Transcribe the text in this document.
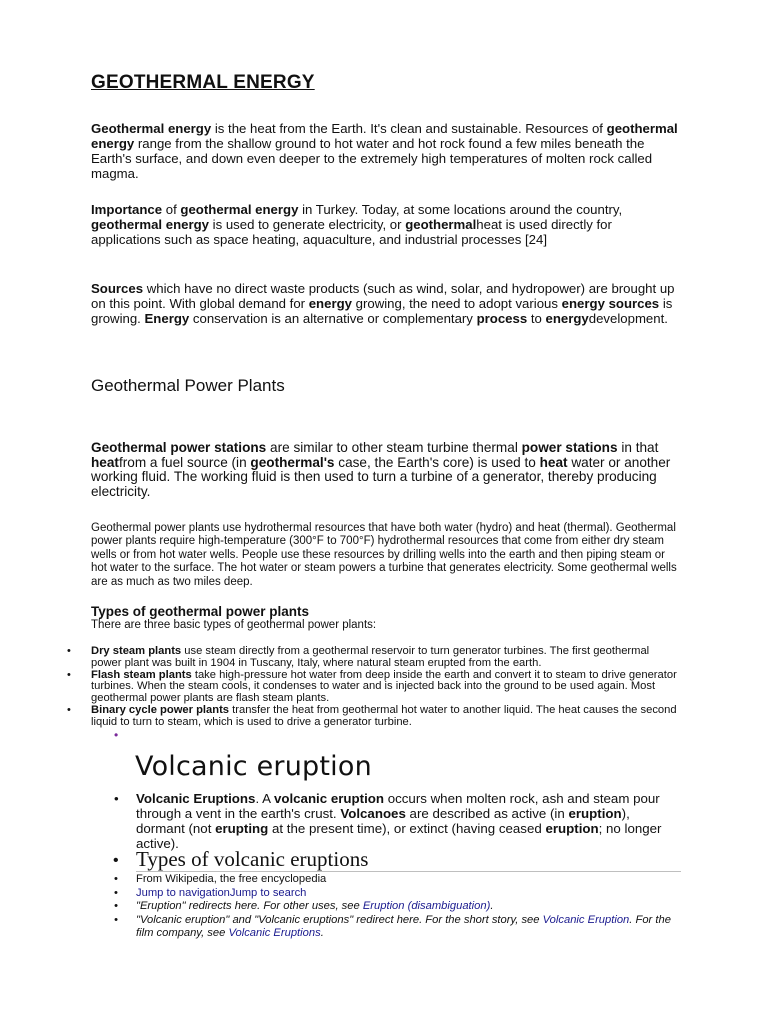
GEOTHERMAL ENERGY
Geothermal energy is the heat from the Earth. It's clean and sustainable. Resources of geothermal energy range from the shallow ground to hot water and hot rock found a few miles beneath the Earth's surface, and down even deeper to the extremely high temperatures of molten rock called magma.
Importance of geothermal energy in Turkey. Today, at some locations around the country, geothermal energy is used to generate electricity, or geothermalheat is used directly for applications such as space heating, aquaculture, and industrial processes [24]
Sources which have no direct waste products (such as wind, solar, and hydropower) are brought up on this point. With global demand for energy growing, the need to adopt various energy sources is growing. Energy conservation is an alternative or complementary process to energydevelopment.
Geothermal Power Plants
Geothermal power stations are similar to other steam turbine thermal power stations in that heatfrom a fuel source (in geothermal's case, the Earth's core) is used to heat water or another working fluid. The working fluid is then used to turn a turbine of a generator, thereby producing electricity.
Geothermal power plants use hydrothermal resources that have both water (hydro) and heat (thermal). Geothermal power plants require high-temperature (300°F to 700°F) hydrothermal resources that come from either dry steam wells or from hot water wells. People use these resources by drilling wells into the earth and then piping steam or hot water to the surface. The hot water or steam powers a turbine that generates electricity. Some geothermal wells are as much as two miles deep.
Types of geothermal power plants
There are three basic types of geothermal power plants:
• Dry steam plants use steam directly from a geothermal reservoir to turn generator turbines. The first geothermal power plant was built in 1904 in Tuscany, Italy, where natural steam erupted from the earth.
• Flash steam plants take high-pressure hot water from deep inside the earth and convert it to steam to drive generator turbines. When the steam cools, it condenses to water and is injected back into the ground to be used again. Most geothermal power plants are flash steam plants.
• Binary cycle power plants transfer the heat from geothermal hot water to another liquid. The heat causes the second liquid to turn to steam, which is used to drive a generator turbine.
•
Volcanic eruption
• Volcanic Eruptions. A volcanic eruption occurs when molten rock, ash and steam pour through a vent in the earth's crust. Volcanoes are described as active (in eruption), dormant (not erupting at the present time), or extinct (having ceased eruption; no longer active).
• Types of volcanic eruptions
• From Wikipedia, the free encyclopedia
• Jump to navigationJump to search
• "Eruption" redirects here. For other uses, see Eruption (disambiguation).
• "Volcanic eruption" and "Volcanic eruptions" redirect here. For the short story, see Volcanic Eruption. For the film company, see Volcanic Eruptions.
